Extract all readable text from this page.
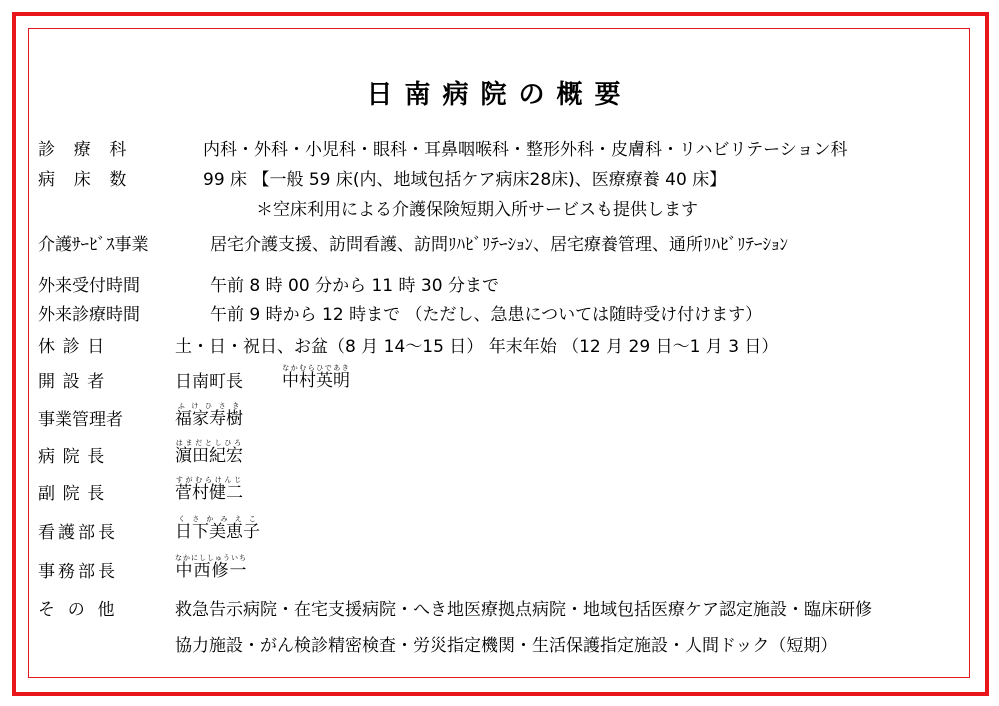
日南病院の概要
診療科	内科・外科・小児科・眼科・耳鼻咽喉科・整形外科・皮膚科・リハビリテーション科
病床数	99 床 【一般 59 床(内、地域包括ケア病床28床)、医療療養 40 床】
＊空床利用による介護保険短期入所サービスも提供します
介護ｻｰﾋﾞｽ事業	居宅介護支援、訪問看護、訪問ﾘﾊﾋﾞﾘﾃｰｼｮﾝ、居宅療養管理、通所ﾘﾊﾋﾞﾘﾃｰｼｮﾝ
外来受付時間	午前 8 時 00 分から 11 時 30 分まで
外来診療時間	午前 9 時から 12 時まで （ただし、急患については随時受け付けます）
休診日	土・日・祝日、お盆（8 月 14～15 日） 年末年始 （12 月 29 日～1 月 3 日）
開設者	日南町長 中村英明なかむらひであき
事業管理者	福家寿樹ふけひさき
病院長	濵田紀宏はまだとしひろ
副院長	菅村健二すがむらけんじ
看護部長	日下美恵子くさかみえこ
事務部長	中西修一なかにししゅういち
その他	救急告示病院・在宅支援病院・へき地医療拠点病院・地域包括医療ケア認定施設・臨床研修
協力施設・がん検診精密検査・労災指定機関・生活保護指定施設・人間ドック（短期）
